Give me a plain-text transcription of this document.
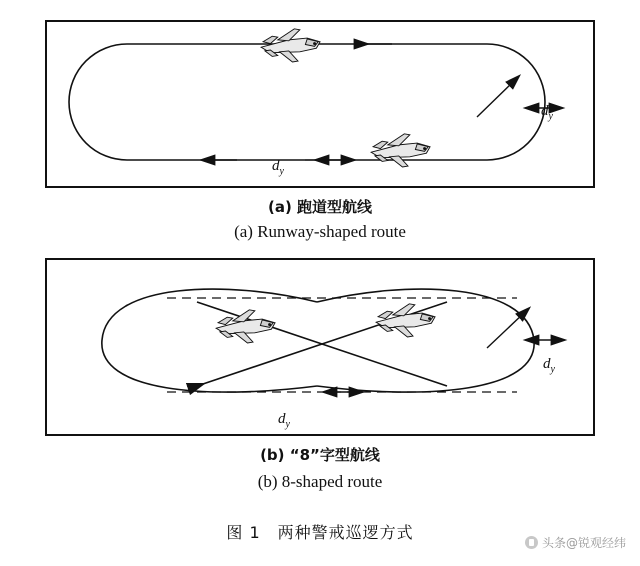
$d_y$
$d_y$
(a) 跑道型航线
(a) Runway-shaped route
$d_y$
$d_y$
(b) “8”字型航线
(b) 8-shaped route
图 1　两种警戒巡逻方式
头条@锐观经纬
